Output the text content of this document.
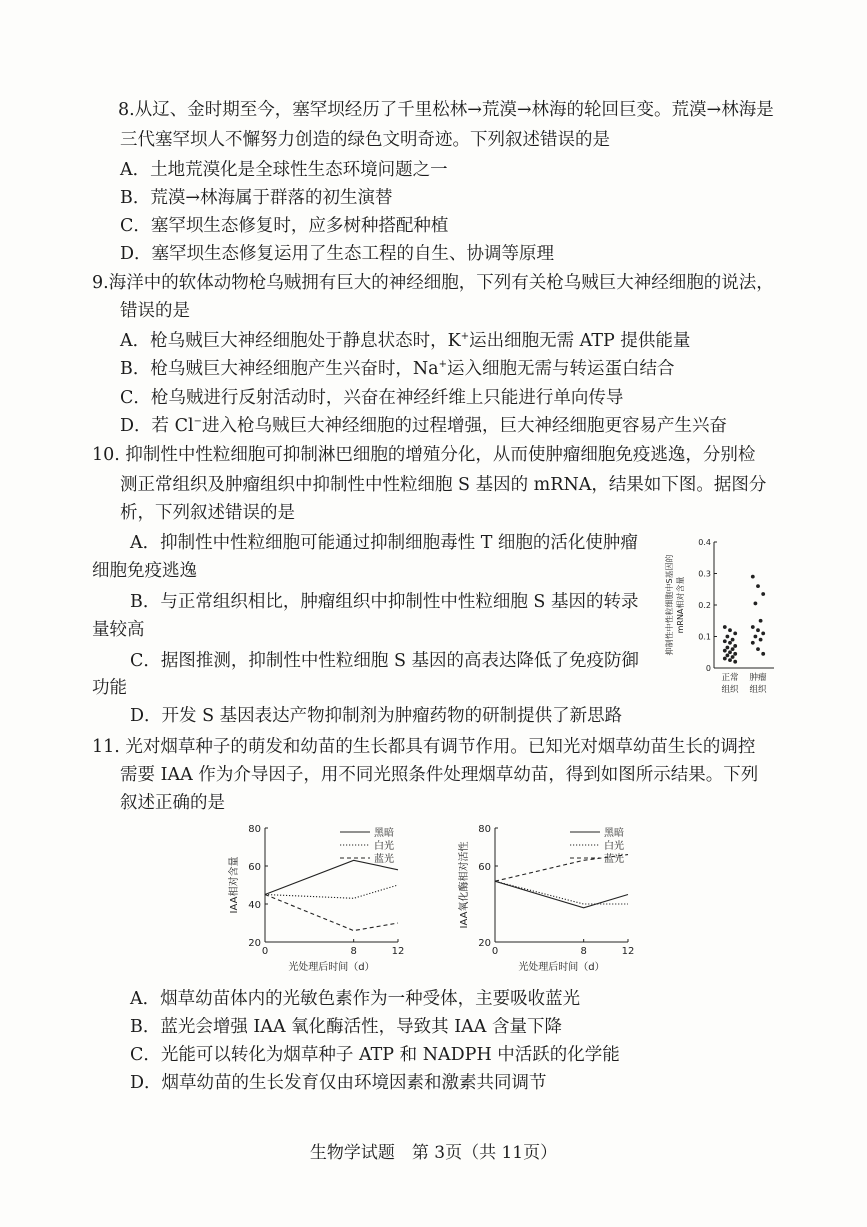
8.从辽、金时期至今，塞罕坝经历了千里松林→荒漠→林海的轮回巨变。荒漠→林海是
三代塞罕坝人不懈努力创造的绿色文明奇迹。下列叙述错误的是
A．土地荒漠化是全球性生态环境问题之一
B．荒漠→林海属于群落的初生演替
C．塞罕坝生态修复时，应多树种搭配种植
D．塞罕坝生态修复运用了生态工程的自生、协调等原理
9.海洋中的软体动物枪乌贼拥有巨大的神经细胞，下列有关枪乌贼巨大神经细胞的说法，
错误的是
A．枪乌贼巨大神经细胞处于静息状态时，K+运出细胞无需 ATP 提供能量
B．枪乌贼巨大神经细胞产生兴奋时，Na+运入细胞无需与转运蛋白结合
C．枪乌贼进行反射活动时，兴奋在神经纤维上只能进行单向传导
D．若 Cl−进入枪乌贼巨大神经细胞的过程增强，巨大神经细胞更容易产生兴奋
10. 抑制性中性粒细胞可抑制淋巴细胞的增殖分化，从而使肿瘤细胞免疫逃逸，分别检
测正常组织及肿瘤组织中抑制性中性粒细胞 S 基因的 mRNA，结果如下图。据图分
析，下列叙述错误的是
A．抑制性中性粒细胞可能通过抑制细胞毒性 T 细胞的活化使肿瘤
细胞免疫逃逸
B．与正常组织相比，肿瘤组织中抑制性中性粒细胞 S 基因的转录
量较高
C．据图推测，抑制性中性粒细胞 S 基因的高表达降低了免疫防御
功能
D．开发 S 基因表达产物抑制剂为肿瘤药物的研制提供了新思路
0
0.1
0.2
0.3
0.4
抑制性中性粒细胞中S基因的 mRNA相对含量
正常
组织
肿瘤
组织
11. 光对烟草种子的萌发和幼苗的生长都具有调节作用。已知光对烟草幼苗生长的调控
需要 IAA 作为介导因子，用不同光照条件处理烟草幼苗，得到如图所示结果。下列
叙述正确的是
20
40
60
80
0	8	12
光处理后时间（d）
IAA相对含量
黑暗
白光
蓝光
20
60
80
0	8	12
光处理后时间（d）
IAA氧化酶相对活性
黑暗
白光
蓝光
A．烟草幼苗体内的光敏色素作为一种受体，主要吸收蓝光
B．蓝光会增强 IAA 氧化酶活性，导致其 IAA 含量下降
C．光能可以转化为烟草种子 ATP 和 NADPH 中活跃的化学能
D．烟草幼苗的生长发育仅由环境因素和激素共同调节
生物学试题　第 3页（共 11页）
